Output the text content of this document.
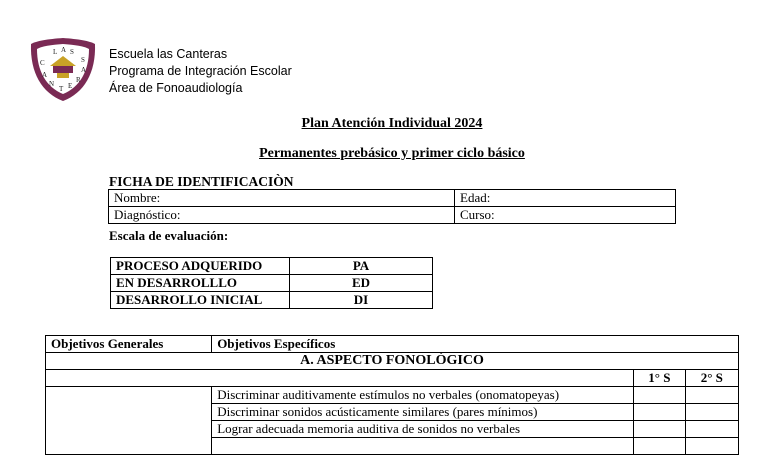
L A S
C
A
N
T E
R
A
S Escuela las Canteras
Programa de Integración Escolar
Área de Fonoaudiología
Plan Atención Individual 2024
Permanentes prebásico y primer ciclo básico
FICHA DE IDENTIFICACIÒN
Nombre:	Edad:
Diagnóstico:	Curso:
Escala de evaluación:
PROCESO ADQUERIDO	PA
EN DESARROLLLO	ED
DESARROLLO INICIAL	DI
Objetivos Generales	Objetivos Específicos		
A. ASPECTO FONOLÓGICO			
		1° S	2° S
	Discriminar auditivamente estímulos no verbales (onomatopeyas)		
	Discriminar sonidos acústicamente similares (pares mínimos)		
	Lograr adecuada memoria auditiva de sonidos no verbales		
